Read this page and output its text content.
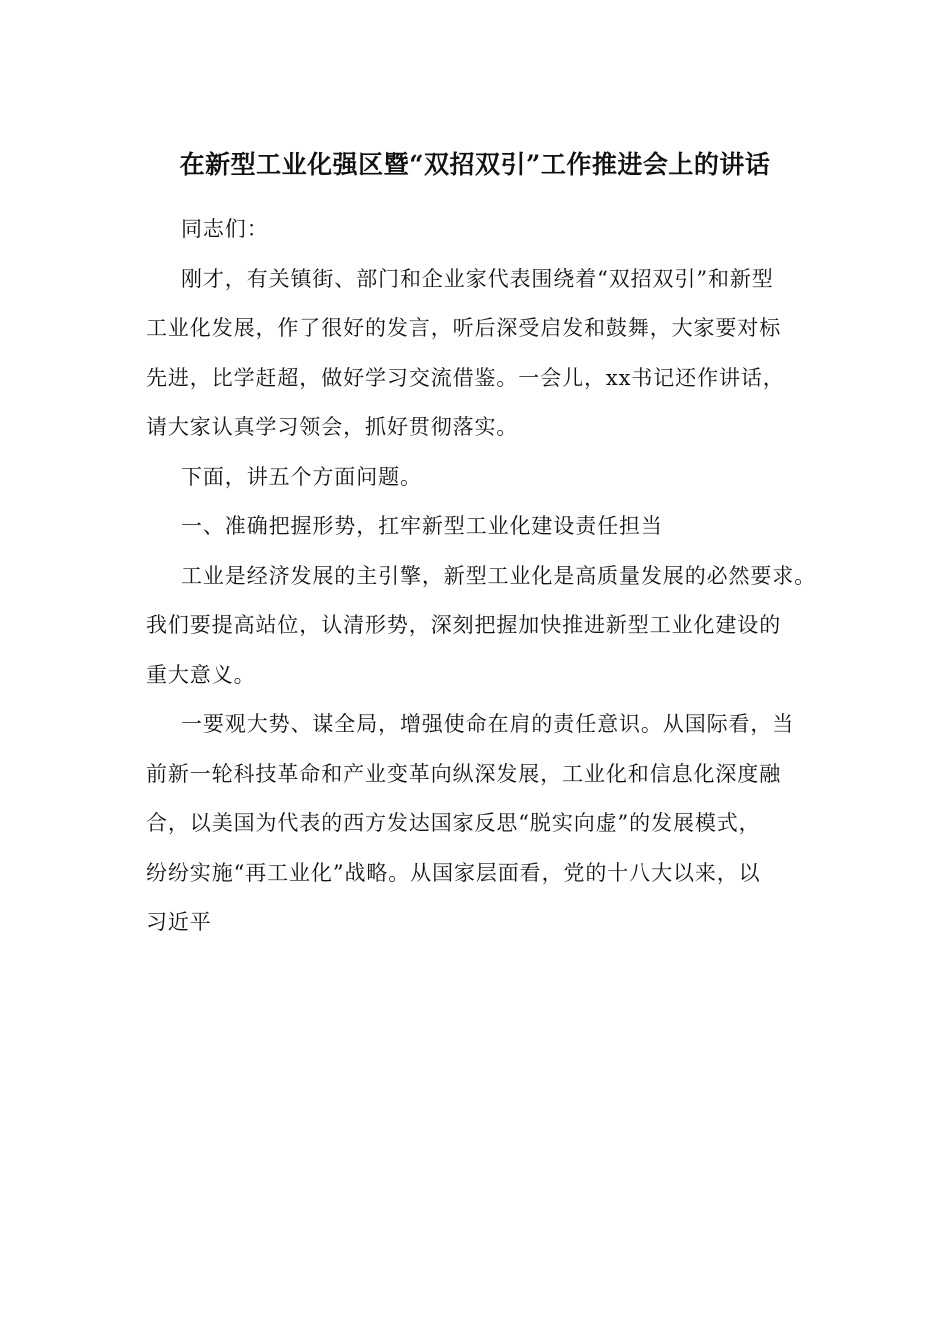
在新型工业化强区暨“双招双引”工作推进会上的讲话
同志们：
刚才，有关镇街、部门和企业家代表围绕着“双招双引”和新型
工业化发展，作了很好的发言，听后深受启发和鼓舞，大家要对标
先进，比学赶超，做好学习交流借鉴。一会儿，xx书记还作讲话，
请大家认真学习领会，抓好贯彻落实。
下面，讲五个方面问题。
一、准确把握形势，扛牢新型工业化建设责任担当
工业是经济发展的主引擎，新型工业化是高质量发展的必然要求。
我们要提高站位，认清形势，深刻把握加快推进新型工业化建设的
重大意义。
一要观大势、谋全局，增强使命在肩的责任意识。从国际看，当
前新一轮科技革命和产业变革向纵深发展，工业化和信息化深度融
合，以美国为代表的西方发达国家反思“脱实向虚”的发展模式，
纷纷实施“再工业化”战略。从国家层面看，党的十八大以来，以
习近平
